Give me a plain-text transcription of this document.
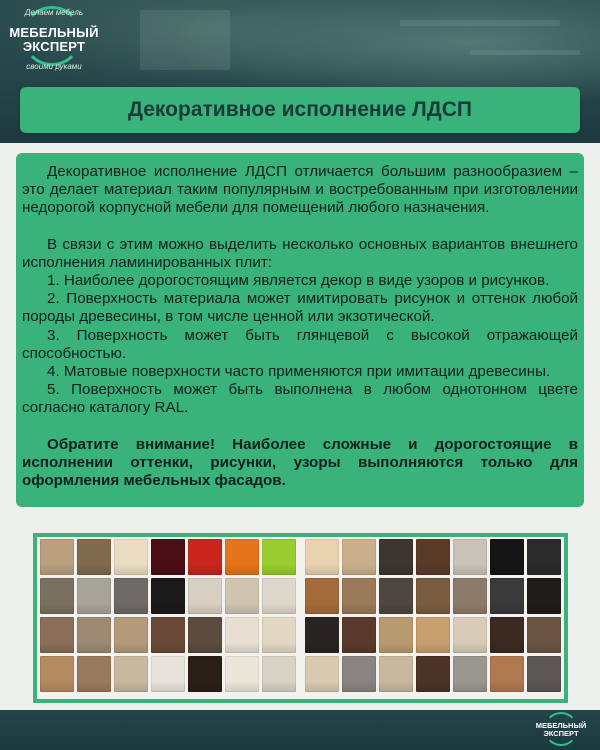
Делаем мебель
МЕБЕЛЬНЫЙ
ЭКСПЕРТ
своими руками
Декоративное исполнение ЛДСП

Декоративное исполнение ЛДСП отличается большим разнообразием – это делает материал таким популярным и востребованным при изготовлении недорогой корпусной мебели для помещений любого назначения.

В связи с этим можно выделить несколько основных вариантов внешнего исполнения ламинированных плит:

1. Наиболее дорогостоящим является декор в виде узоров и рисунков.

2. Поверхность материала может имитировать рисунок и оттенок любой породы древесины, в том числе ценной или экзотической.

3. Поверхность может быть глянцевой с высокой отражающей способностью.

4. Матовые поверхности часто применяются при имитации древесины.

5. Поверхность может быть выполнена в любом однотонном цвете согласно каталогу RAL.

Обратите внимание! Наиболее сложные и дорогостоящие в исполнении оттенки, рисунки, узоры выполняются только для оформления мебельных фасадов.

МЕБЕЛЬНЫЙ
ЭКСПЕРТ
